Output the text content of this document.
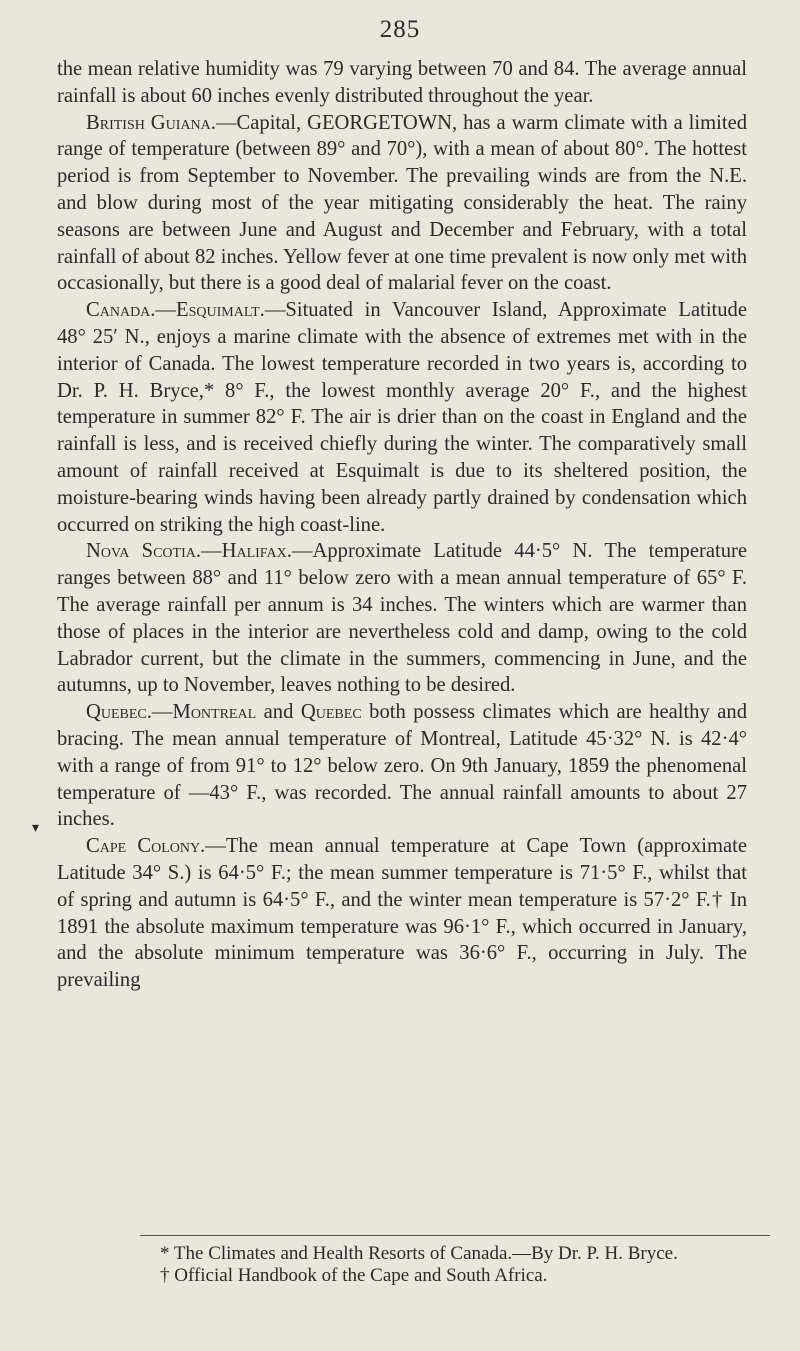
285

the mean relative humidity was 79 varying between 70 and 84. The average annual rainfall is about 60 inches evenly distributed throughout the year.

British Guiana.—Capital, GEORGETOWN, has a warm climate with a limited range of temperature (between 89° and 70°), with a mean of about 80°. The hottest period is from September to November. The prevailing winds are from the N.E. and blow during most of the year mitigating considerably the heat. The rainy seasons are between June and August and December and February, with a total rainfall of about 82 inches. Yellow fever at one time prevalent is now only met with occasionally, but there is a good deal of malarial fever on the coast.

Canada.—Esquimalt.—Situated in Vancouver Island, Approximate Latitude 48° 25′ N., enjoys a marine climate with the absence of extremes met with in the interior of Canada. The lowest temperature recorded in two years is, according to Dr. P. H. Bryce,* 8° F., the lowest monthly average 20° F., and the highest temperature in summer 82° F. The air is drier than on the coast in England and the rainfall is less, and is received chiefly during the winter. The comparatively small amount of rainfall received at Esquimalt is due to its sheltered position, the moisture-bearing winds having been already partly drained by condensation which occurred on striking the high coast-line.

Nova Scotia.—Halifax.—Approximate Latitude 44·5° N. The temperature ranges between 88° and 11° below zero with a mean annual temperature of 65° F. The average rainfall per annum is 34 inches. The winters which are warmer than those of places in the interior are nevertheless cold and damp, owing to the cold Labrador current, but the climate in the summers, commencing in June, and the autumns, up to November, leaves nothing to be desired.

Quebec.—Montreal and Quebec both possess climates which are healthy and bracing. The mean annual temperature of Montreal, Latitude 45·32° N. is 42·4° with a range of from 91° to 12° below zero. On 9th January, 1859 the phenomenal temperature of —43° F., was recorded. The annual rainfall amounts to about 27 inches.

Cape Colony.—The mean annual temperature at Cape Town (approximate Latitude 34° S.) is 64·5° F.; the mean summer temperature is 71·5° F., whilst that of spring and autumn is 64·5° F., and the winter mean temperature is 57·2° F.† In 1891 the absolute maximum temperature was 96·1° F., which occurred in January, and the absolute minimum temperature was 36·6° F., occurring in July. The prevailing

▾

* The Climates and Health Resorts of Canada.—By Dr. P. H. Bryce.

† Official Handbook of the Cape and South Africa.
